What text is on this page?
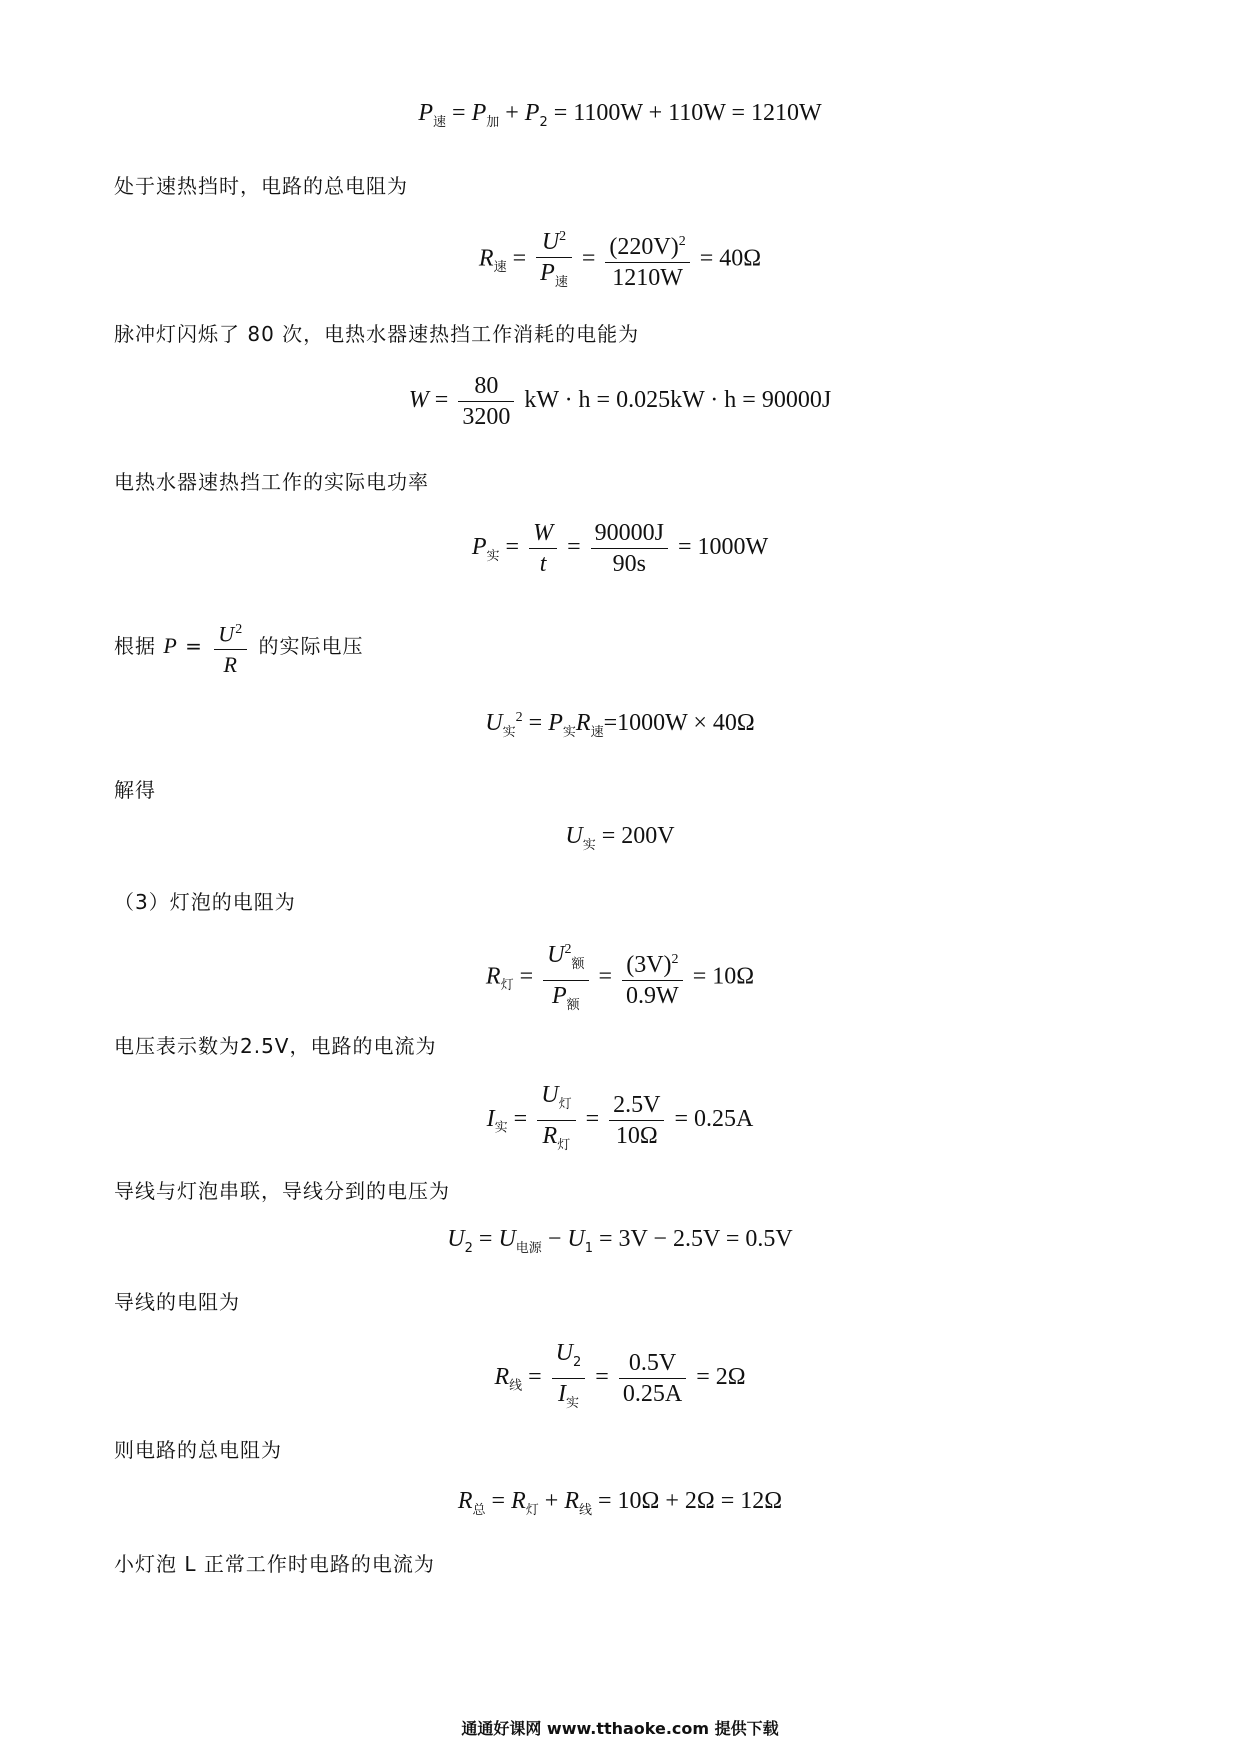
$P_速 = P_加 + P_2 = 1100W + 110W = 1210W$
处于速热挡时，电路的总电阻为
$R_速 = \frac{U^2}{P_速} = \frac{(220V)^2}{1210W} = 40\Omega$
脉冲灯闪烁了 80 次，电热水器速热挡工作消耗的电能为
$W = \frac{80}{3200}$ kW · h = 0.025kW · h = 90000J
电热水器速热挡工作的实际电功率
$P_实 = \frac{W}{t} = \frac{90000J}{90s} = 1000W$
根据 $P = \frac{U^2}{R}$ 的实际电压
$U_实^2 = P_实R_速=1000W \times 40\Omega$
解得
$U_实 = 200V$
（3）灯泡的电阻为
$R_灯 = \frac{U^2_额}{P_额} = \frac{(3V)^2}{0.9W} = 10\Omega$
电压表示数为2.5V，电路的电流为
$I_实 = \frac{U_灯}{R_灯} = \frac{2.5V}{10\Omega} = 0.25A$
导线与灯泡串联，导线分到的电压为
$U_2 = U_{电源} - U_1 = 3V - 2.5V = 0.5V$
导线的电阻为
$R_线 = \frac{U_2}{I_实} = \frac{0.5V}{0.25A} = 2\Omega$
则电路的总电阻为
$R_总 = R_灯 + R_线 = 10\Omega + 2\Omega = 12\Omega$
小灯泡 L 正常工作时电路的电流为
通通好课网 www.tthaoke.com 提供下载
